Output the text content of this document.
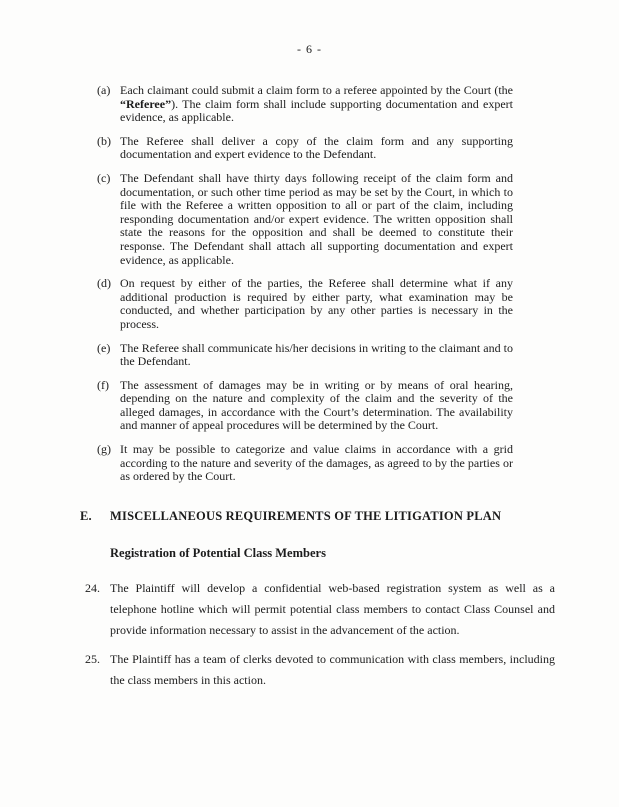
- 6 -
(a) Each claimant could submit a claim form to a referee appointed by the Court (the “Referee”). The claim form shall include supporting documentation and expert evidence, as applicable.
(b) The Referee shall deliver a copy of the claim form and any supporting documentation and expert evidence to the Defendant.
(c) The Defendant shall have thirty days following receipt of the claim form and documentation, or such other time period as may be set by the Court, in which to file with the Referee a written opposition to all or part of the claim, including responding documentation and/or expert evidence. The written opposition shall state the reasons for the opposition and shall be deemed to constitute their response. The Defendant shall attach all supporting documentation and expert evidence, as applicable.
(d) On request by either of the parties, the Referee shall determine what if any additional production is required by either party, what examination may be conducted, and whether participation by any other parties is necessary in the process.
(e) The Referee shall communicate his/her decisions in writing to the claimant and to the Defendant.
(f) The assessment of damages may be in writing or by means of oral hearing, depending on the nature and complexity of the claim and the severity of the alleged damages, in accordance with the Court’s determination. The availability and manner of appeal procedures will be determined by the Court.
(g) It may be possible to categorize and value claims in accordance with a grid according to the nature and severity of the damages, as agreed to by the parties or as ordered by the Court.
E.	MISCELLANEOUS REQUIREMENTS OF THE LITIGATION PLAN
Registration of Potential Class Members
24. The Plaintiff will develop a confidential web-based registration system as well as a telephone hotline which will permit potential class members to contact Class Counsel and provide information necessary to assist in the advancement of the action.
25. The Plaintiff has a team of clerks devoted to communication with class members, including the class members in this action.
